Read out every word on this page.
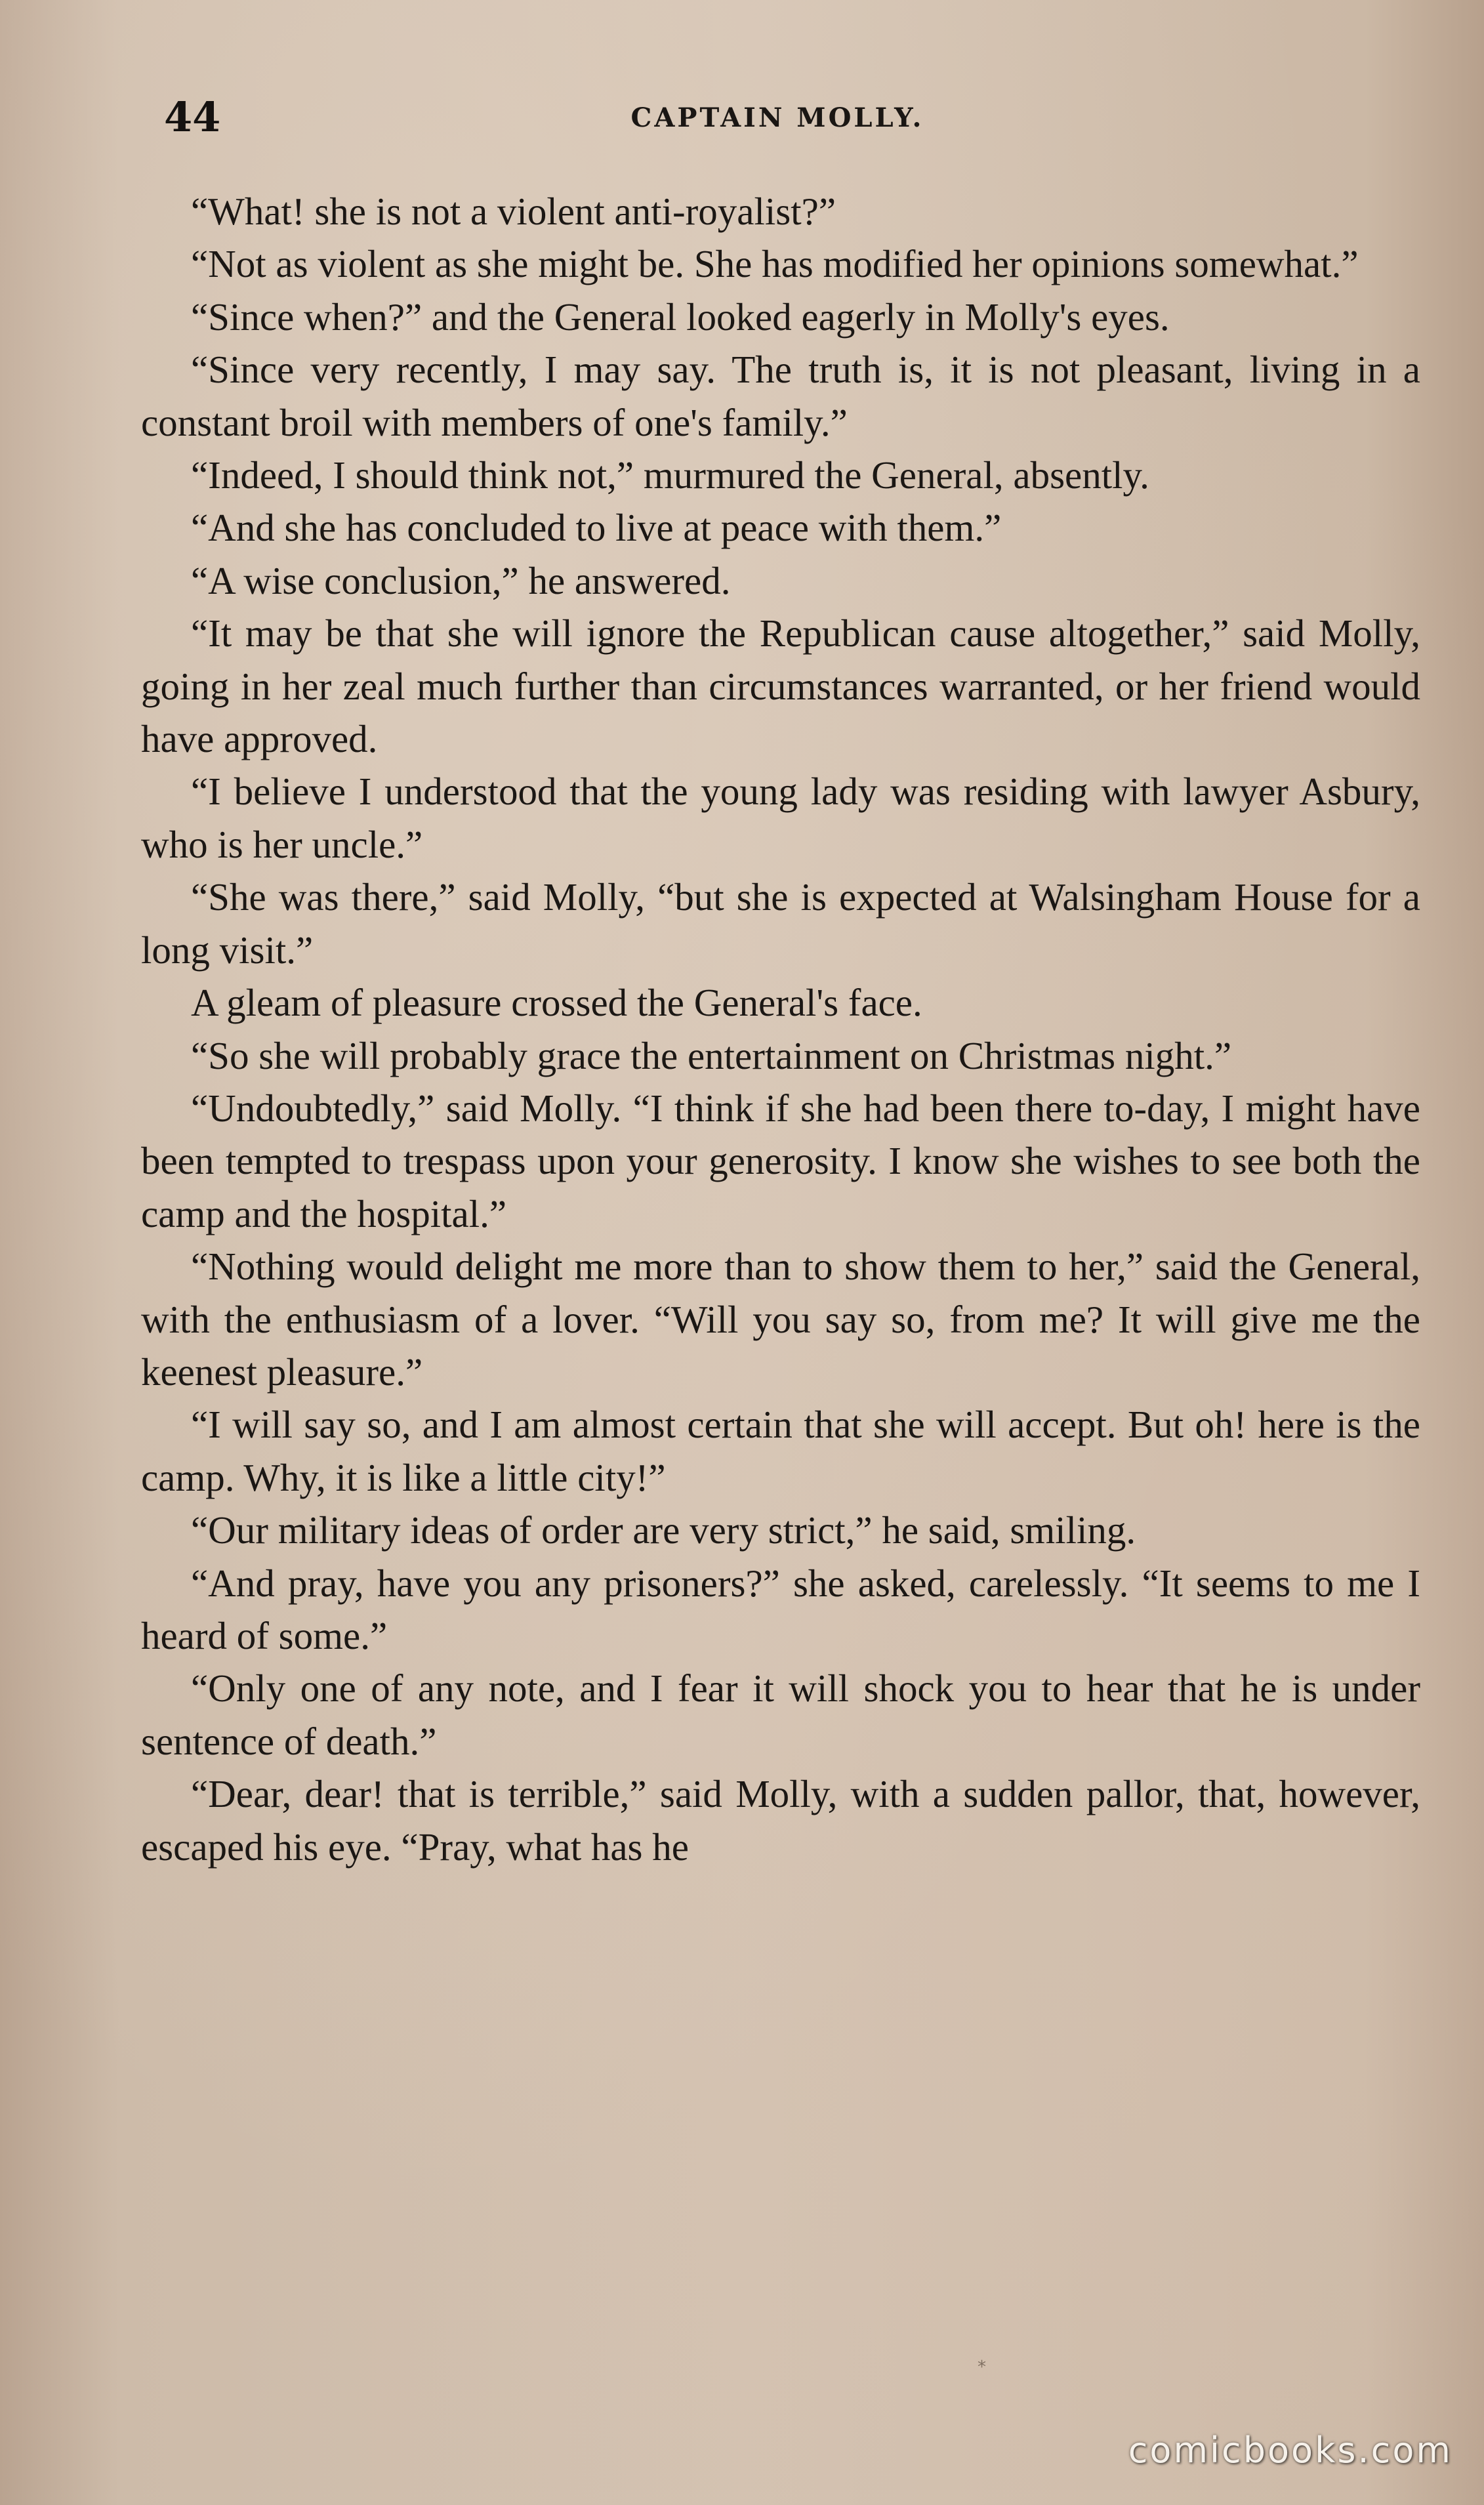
44	CAPTAIN MOLLY.

“What! she is not a violent anti-royalist?”

“Not as violent as she might be. She has modified her opinions somewhat.”

“Since when?” and the General looked eagerly in Molly's eyes.

“Since very recently, I may say. The truth is, it is not pleasant, living in a constant broil with members of one's family.”

“Indeed, I should think not,” murmured the General, absently.

“And she has concluded to live at peace with them.”

“A wise conclusion,” he answered.

“It may be that she will ignore the Republican cause altogether,” said Molly, going in her zeal much further than circumstances warranted, or her friend would have approved.

“I believe I understood that the young lady was residing with lawyer Asbury, who is her uncle.”

“She was there,” said Molly, “but she is expected at Walsingham House for a long visit.”

A gleam of pleasure crossed the General's face.

“So she will probably grace the entertainment on Christmas night.”

“Undoubtedly,” said Molly. “I think if she had been there to-day, I might have been tempted to trespass upon your generosity. I know she wishes to see both the camp and the hospital.”

“Nothing would delight me more than to show them to her,” said the General, with the enthusiasm of a lover. “Will you say so, from me? It will give me the keenest pleasure.”

“I will say so, and I am almost certain that she will accept. But oh! here is the camp. Why, it is like a little city!”

“Our military ideas of order are very strict,” he said, smiling.

“And pray, have you any prisoners?” she asked, carelessly. “It seems to me I heard of some.”

“Only one of any note, and I fear it will shock you to hear that he is under sentence of death.”

“Dear, dear! that is terrible,” said Molly, with a sudden pallor, that, however, escaped his eye. “Pray, what has he

⁎
comicbooks.com
